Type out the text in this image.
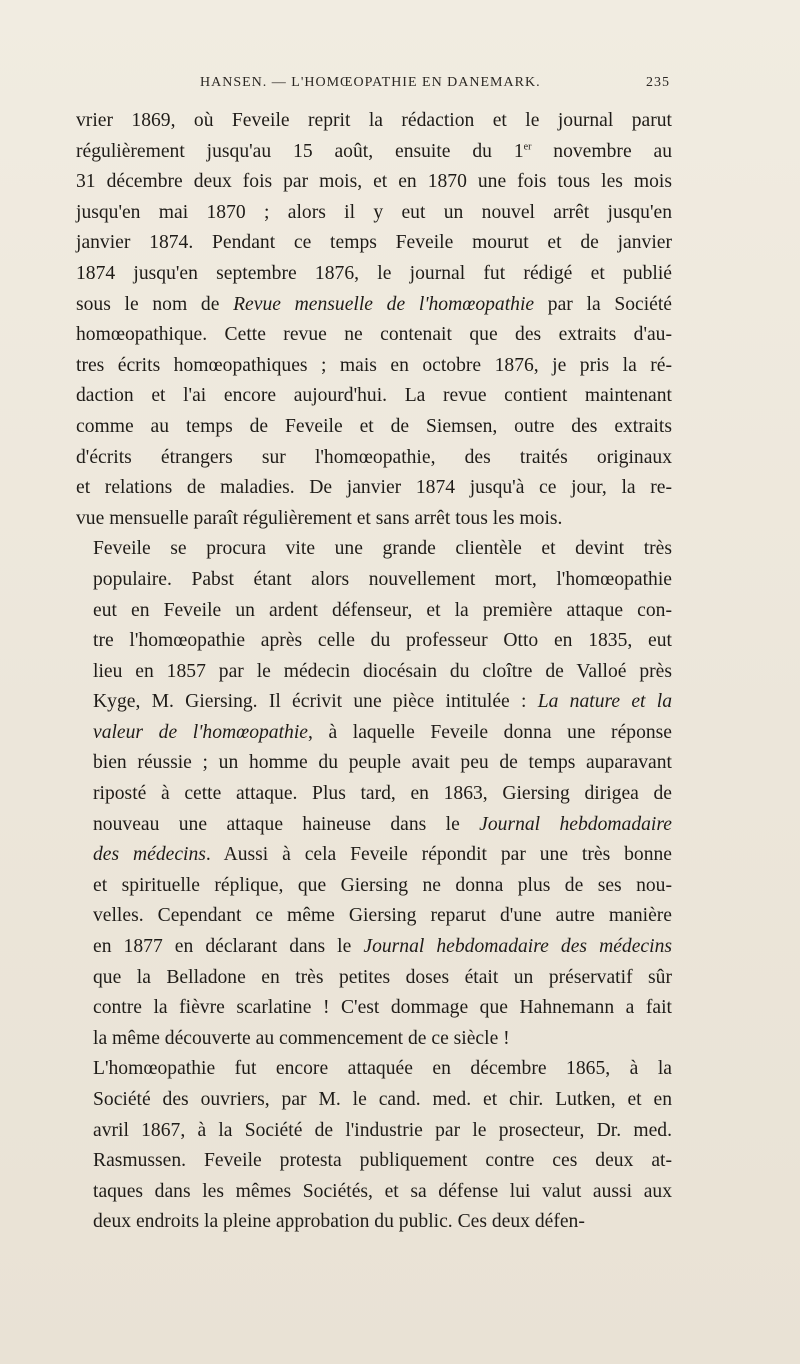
HANSEN. — L'HOMŒOPATHIE EN DANEMARK.	235

vrier 1869, où Feveile reprit la rédaction et le journal parut
régulièrement jusqu'au 15 août, ensuite du 1er novembre au
31 décembre deux fois par mois, et en 1870 une fois tous les mois
jusqu'en mai 1870 ; alors il y eut un nouvel arrêt jusqu'en
janvier 1874. Pendant ce temps Feveile mourut et de janvier
1874 jusqu'en septembre 1876, le journal fut rédigé et publié
sous le nom de Revue mensuelle de l'homœopathie par la Société
homœopathique. Cette revue ne contenait que des extraits d'au-
tres écrits homœopathiques ; mais en octobre 1876, je pris la ré-
daction et l'ai encore aujourd'hui. La revue contient maintenant
comme au temps de Feveile et de Siemsen, outre des extraits
d'écrits étrangers sur l'homœopathie, des traités originaux
et relations de maladies. De janvier 1874 jusqu'à ce jour, la re-
vue mensuelle paraît régulièrement et sans arrêt tous les mois.

Feveile se procura vite une grande clientèle et devint très
populaire. Pabst étant alors nouvellement mort, l'homœopathie
eut en Feveile un ardent défenseur, et la première attaque con-
tre l'homœopathie après celle du professeur Otto en 1835, eut
lieu en 1857 par le médecin diocésain du cloître de Valloé près
Kyge, M. Giersing. Il écrivit une pièce intitulée : La nature et la
valeur de l'homœopathie, à laquelle Feveile donna une réponse
bien réussie ; un homme du peuple avait peu de temps auparavant
riposté à cette attaque. Plus tard, en 1863, Giersing dirigea de
nouveau une attaque haineuse dans le Journal hebdomadaire
des médecins. Aussi à cela Feveile répondit par une très bonne
et spirituelle réplique, que Giersing ne donna plus de ses nou-
velles. Cependant ce même Giersing reparut d'une autre manière
en 1877 en déclarant dans le Journal hebdomadaire des médecins
que la Belladone en très petites doses était un préservatif sûr
contre la fièvre scarlatine ! C'est dommage que Hahnemann a fait
la même découverte au commencement de ce siècle !

L'homœopathie fut encore attaquée en décembre 1865, à la
Société des ouvriers, par M. le cand. med. et chir. Lutken, et en
avril 1867, à la Société de l'industrie par le prosecteur, Dr. med.
Rasmussen. Feveile protesta publiquement contre ces deux at-
taques dans les mêmes Sociétés, et sa défense lui valut aussi aux
deux endroits la pleine approbation du public. Ces deux défen-
